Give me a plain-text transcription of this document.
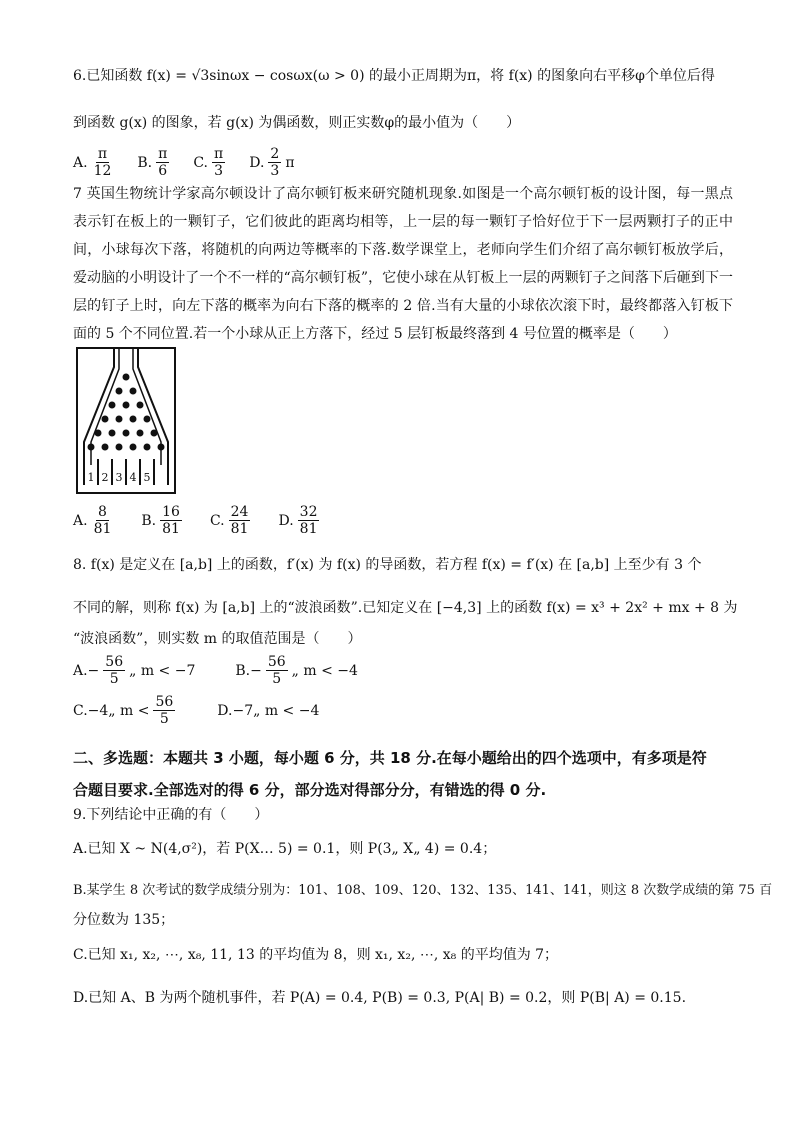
6.已知函数 f(x) = √3sinωx − cosωx(ω > 0) 的最小正周期为π，将 f(x) 的图象向右平移φ个单位后得
到函数 g(x) 的图象，若 g(x) 为偶函数，则正实数φ的最小值为（　　）
A. $\frac{\pi}{12} B$. $\frac{\pi}{6} C$. $\frac{\pi}{3} D$. $\frac{2}{3}$ π
7 英国生物统计学家高尔顿设计了高尔顿钉板来研究随机现象.如图是一个高尔顿钉板的设计图，每一黑点表示钉在板上的一颗钉子，它们彼此的距离均相等，上一层的每一颗钉子恰好位于下一层两颗打子的正中间，小球每次下落，将随机的向两边等概率的下落.数学课堂上，老师向学生们介绍了高尔顿钉板放学后，爱动脑的小明设计了一个不一样的“高尔顿钉板”，它使小球在从钉板上一层的两颗钉子之间落下后砸到下一层的钉子上时，向左下落的概率为向右下落的概率的 2 倍.当有大量的小球依次滚下时，最终都落入钉板下面的 5 个不同位置.若一个小球从正上方落下，经过 5 层钉板最终落到 4 号位置的概率是（　　）
1 2 3 4 5
A. $\frac{8}{81} B$. $\frac{16}{81} C$. $\frac{24}{81} D$. $\frac{32}{81}$
8. f(x) 是定义在 [a,b] 上的函数，f′(x) 为 f(x) 的导函数，若方程 f(x) = f′(x) 在 [a,b] 上至少有 3 个
不同的解，则称 f(x) 为 [a,b] 上的“波浪函数”.已知定义在 [−4,3] 上的函数 f(x) = x³ + 2x² + mx + 8 为
“波浪函数”，则实数 m 的取值范围是（　　）
$A.- \frac{56}{5}$ „ m < −7	$B.- \frac{56}{5}$ „ m < −4
C.−4„ $m < \frac{56}{5}$	D.−7„ m < −4
二、多选题：本题共 3 小题，每小题 6 分，共 18 分.在每小题给出的四个选项中，有多项是符
合题目要求.全部选对的得 6 分，部分选对得部分分，有错选的得 0 分.
9.下列结论中正确的有（　　）
A.已知 X ~ N(4,σ²)，若 P(X… 5) = 0.1，则 P(3„ X„ 4) = 0.4；
B.某学生 8 次考试的数学成绩分别为：101、108、109、120、132、135、141、141，则这 8 次数学成绩的第 75 百
分位数为 135；
C.已知 x₁, x₂, ⋯, x₈, 11, 13 的平均值为 8，则 x₁, x₂, ⋯, x₈ 的平均值为 7；
D.已知 A、B 为两个随机事件，若 P(A) = 0.4, P(B) = 0.3, P(A| B) = 0.2，则 P(B| A) = 0.15.
